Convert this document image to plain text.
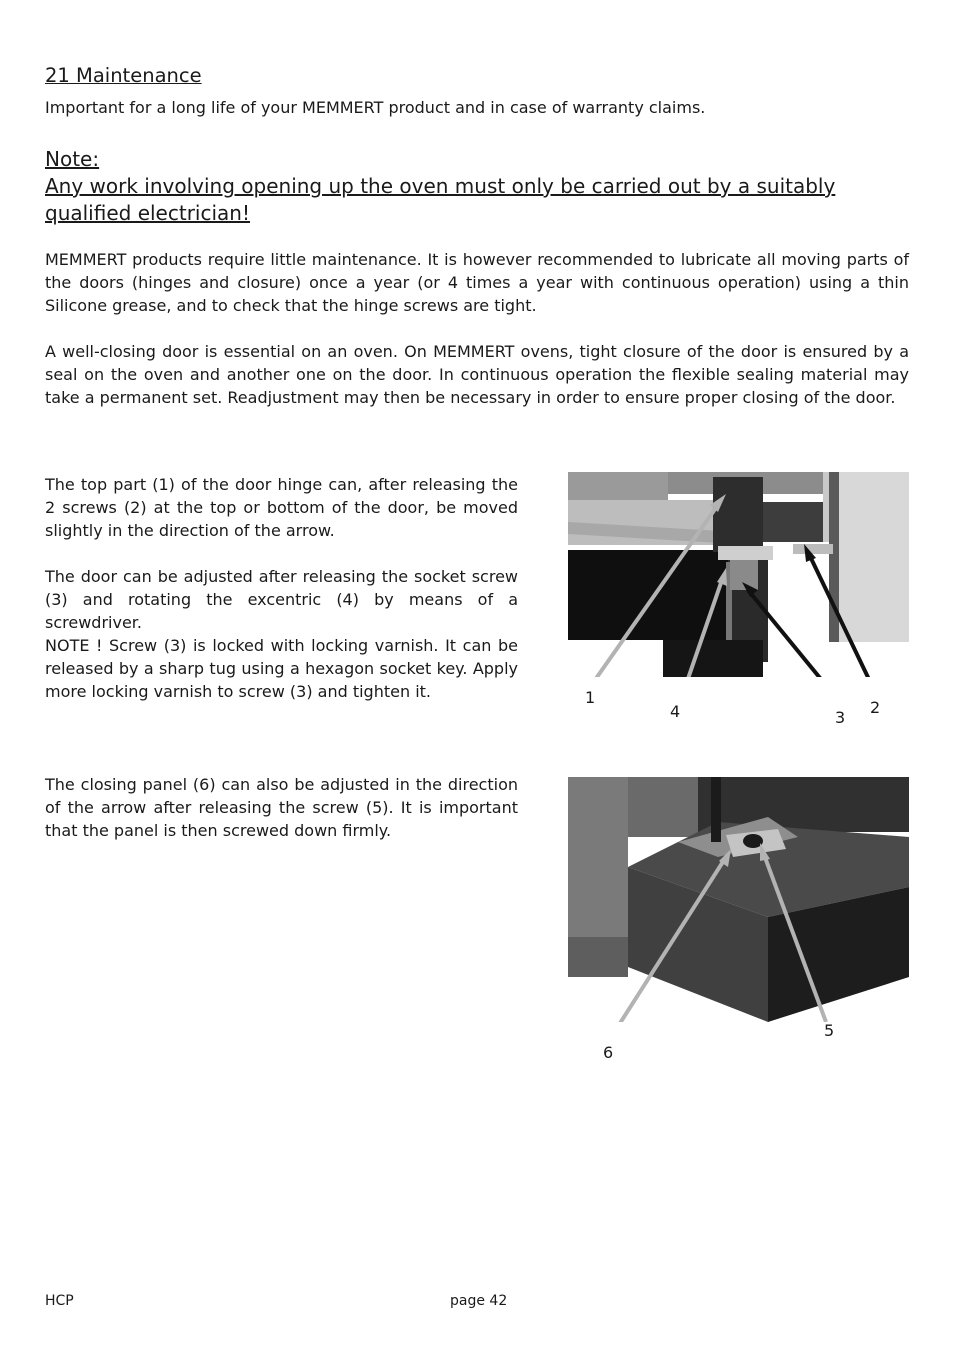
21 Maintenance

Important for a long life of your MEMMERT product and in case of warranty claims.

Note:
Any work involving opening up the oven must only be carried out by a suitably qualified electrician!

MEMMERT products require little maintenance. It is however recommended to lubricate all moving parts of the doors (hinges and closure) once a year (or 4 times a year with continuous operation) using a thin Silicone grease, and to check that the hinge screws are tight.

A well-closing door is essential on an oven. On MEMMERT ovens, tight closure of the door is ensured by a seal on the oven and another one on the door. In continuous operation the flexible sealing material may take a permanent set. Readjustment may then be necessary in order to ensure proper closing of the door.

The top part (1) of the door hinge can, after releasing the 2 screws (2) at the top or bottom of the door, be moved slightly in the direction of the arrow.

The door can be adjusted after releasing the socket screw (3) and rotating the excentric (4) by means of a screwdriver.
NOTE ! Screw (3) is locked with locking varnish. It can be released by a sharp tug using a hexagon socket key. Apply more locking varnish to screw (3) and tighten it.	1
4	3
2

The closing panel (6) can also be adjusted in the direction of the arrow after releasing the screw (5). It is important that the panel is then screwed down firmly.

5
6
HCP	page 42
